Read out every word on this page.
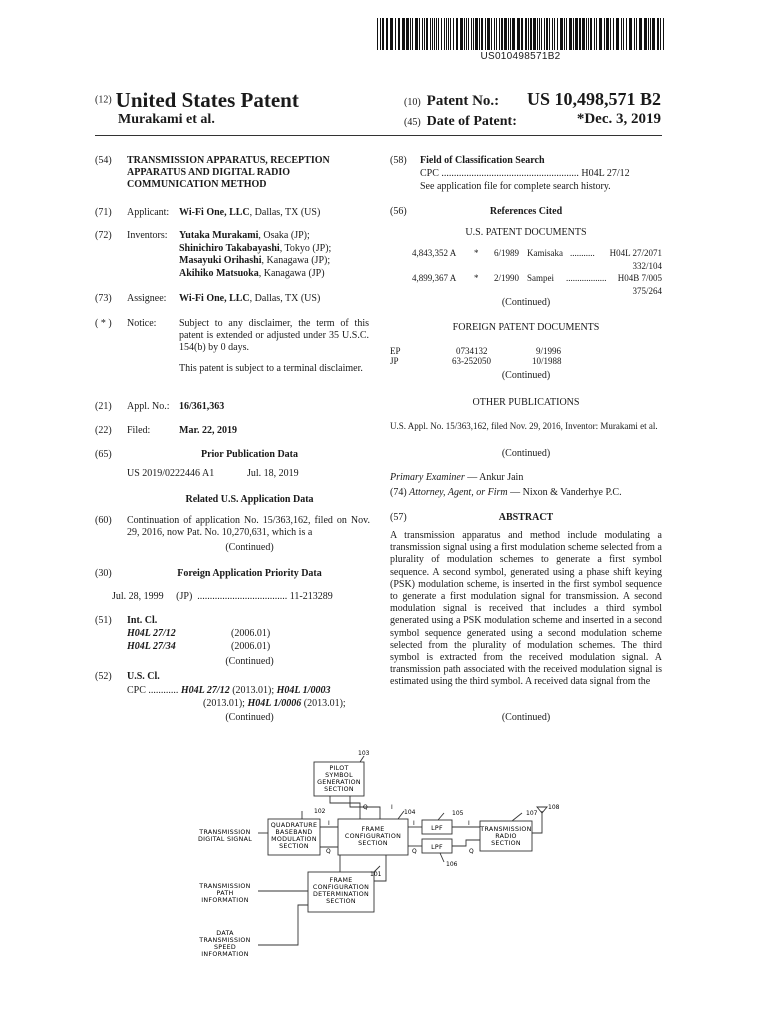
US010498571B2
(12) United States Patent
Murakami et al.
(10) Patent No.: US 10,498,571 B2
(45) Date of Patent:	*Dec. 3, 2019
(54) TRANSMISSION APPARATUS, RECEPTION APPARATUS AND DIGITAL RADIO COMMUNICATION METHOD
(71) Applicant: Wi-Fi One, LLC, Dallas, TX (US)
(72) Inventors: Yutaka Murakami, Osaka (JP);
Shinichiro Takabayashi, Tokyo (JP);
Masayuki Orihashi, Kanagawa (JP);
Akihiko Matsuoka, Kanagawa (JP)
(73) Assignee: Wi-Fi One, LLC, Dallas, TX (US)
( * ) Notice: Subject to any disclaimer, the term of this patent is extended or adjusted under 35 U.S.C. 154(b) by 0 days.
This patent is subject to a terminal disclaimer.
(21) Appl. No.: 16/361,363
(22) Filed:	Mar. 22, 2019
(65)	Prior Publication Data
US 2019/0222446 A1	Jul. 18, 2019
Related U.S. Application Data
(60) Continuation of application No. 15/363,162, filed on Nov. 29, 2016, now Pat. No. 10,270,631, which is a
(Continued)
(30)	Foreign Application Priority Data
Jul. 28, 1999 (JP) .................................... 11-213289
(51) Int. Cl.
H04L 27/12	(2006.01)
H04L 27/34	(2006.01)
(Continued)
(52) U.S. Cl.
CPC ............ H04L 27/12 (2013.01); H04L 1/0003
(2013.01); H04L 1/0006 (2013.01);
(Continued)
(58) Field of Classification Search
CPC ....................................................... H04L 27/12
See application file for complete search history.
(56)	References Cited
U.S. PATENT DOCUMENTS
4,843,352 A * 6/1989 Kamisaka ...........	H04L 27/2071
332/104
4,899,367 A * 2/1990 Sampei ..................	H04B 7/005
375/264
(Continued)
FOREIGN PATENT DOCUMENTS
EP	0734132	9/1996
JP	63-252050	10/1988
(Continued)
OTHER PUBLICATIONS
U.S. Appl. No. 15/363,162, filed Nov. 29, 2016, Inventor: Murakami et al.
(Continued)
Primary Examiner — Ankur Jain
(74) Attorney, Agent, or Firm — Nixon & Vanderhye P.C.
(57)	ABSTRACT
A transmission apparatus and method include modulating a transmission signal using a first modulation scheme selected from a plurality of modulation schemes to generate a first symbol sequence. A second symbol, generated using a phase shift keying (PSK) modulation scheme, is inserted in the first symbol sequence to generate a first modulation signal for transmission. A second modulation signal is received that includes a third symbol generated using a PSK modulation scheme and inserted in a second symbol sequence generated using a second modulation scheme selected from the plurality of modulation schemes. The third symbol is extracted from the received modulation signal. A transmission path associated with the received modulation signal is estimated using the third symbol. A received data signal from the
(Continued)
103
102	104	105
106
107
108
101
PILOT
SYMBOL
GENERATION
SECTION
QUADRATURE
BASEBAND
MODULATION
SECTION
FRAME
CONFIGURATION
SECTION
LPF
LPF
TRANSMISSION
RADIO
SECTION
FRAME
CONFIGURATION
DETERMINATION
SECTION
TRANSMISSION
DIGITAL SIGNAL
TRANSMISSION
PATH
INFORMATION
DATA
TRANSMISSION
SPEED
INFORMATION
I
Q
I
Q
I
Q
Q	I
